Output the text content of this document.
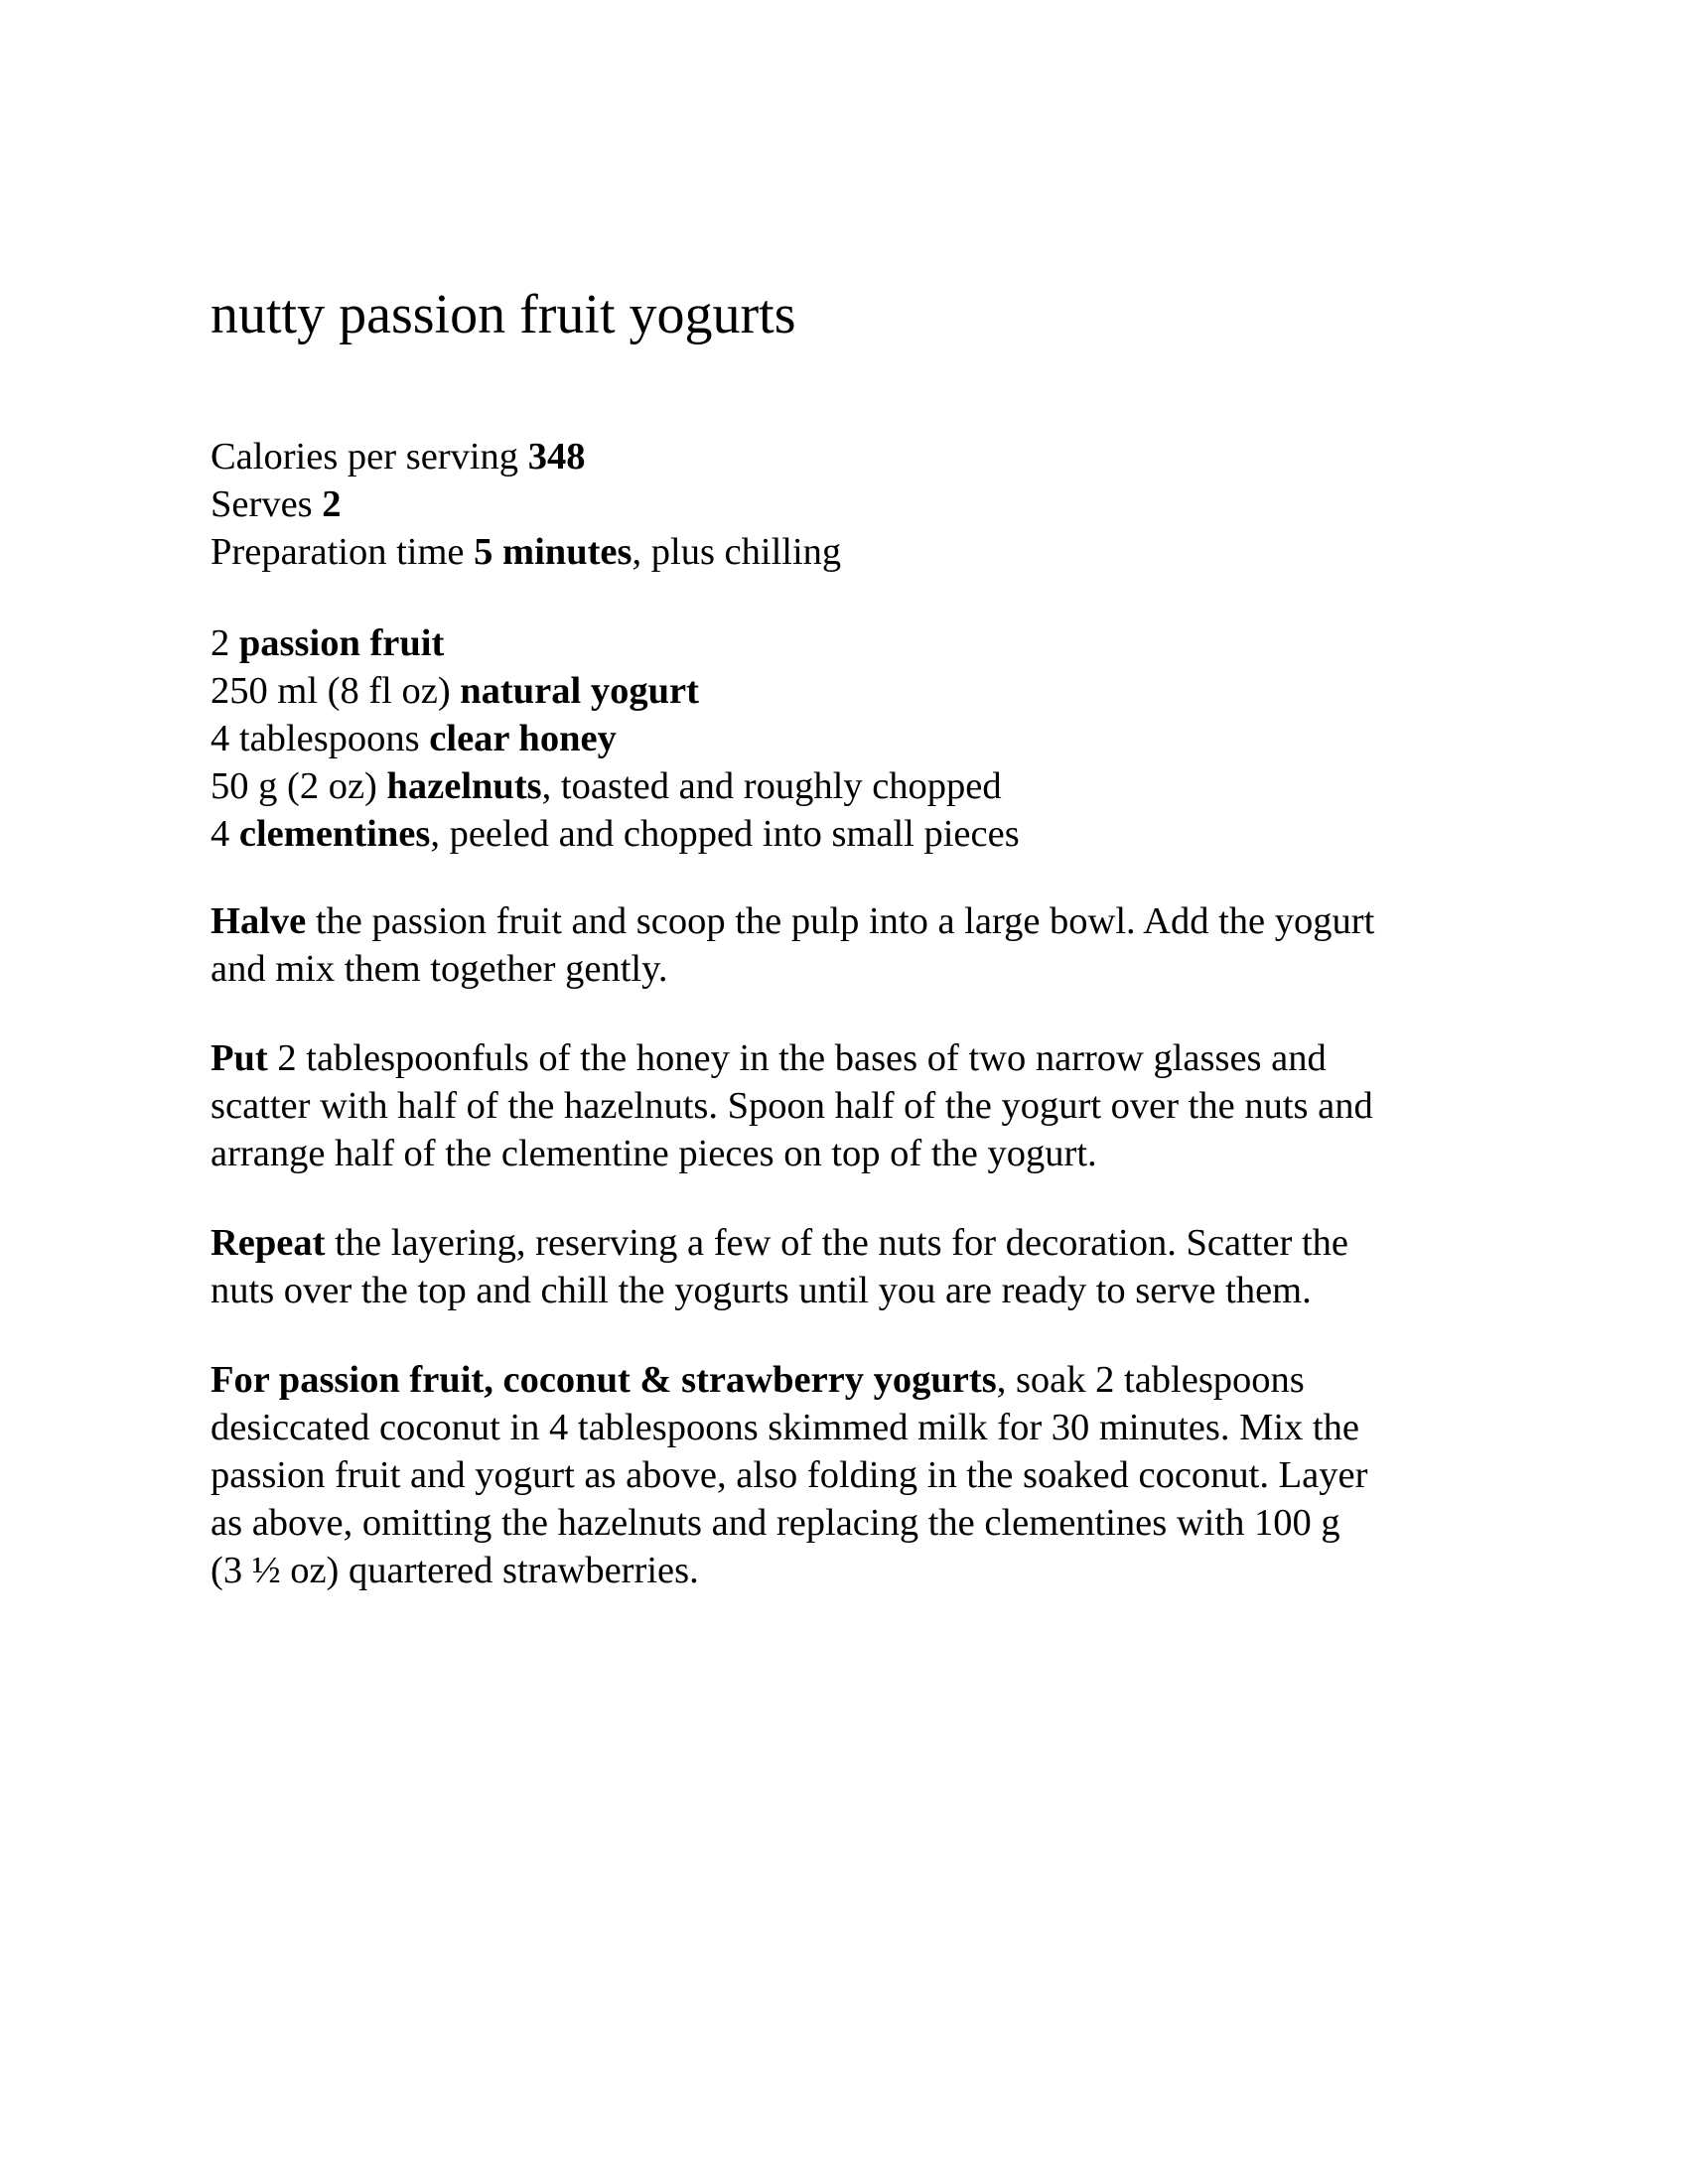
nutty passion fruit yogurts
Calories per serving 348
Serves 2
Preparation time 5 minutes, plus chilling
2 passion fruit
250 ml (8 fl oz) natural yogurt
4 tablespoons clear honey
50 g (2 oz) hazelnuts, toasted and roughly chopped
4 clementines, peeled and chopped into small pieces

Halve the passion fruit and scoop the pulp into a large bowl. Add the yogurt
and mix them together gently.

Put 2 tablespoonfuls of the honey in the bases of two narrow glasses and
scatter with half of the hazelnuts. Spoon half of the yogurt over the nuts and
arrange half of the clementine pieces on top of the yogurt.

Repeat the layering, reserving a few of the nuts for decoration. Scatter the
nuts over the top and chill the yogurts until you are ready to serve them.

For passion fruit, coconut & strawberry yogurts, soak 2 tablespoons
desiccated coconut in 4 tablespoons skimmed milk for 30 minutes. Mix the
passion fruit and yogurt as above, also folding in the soaked coconut. Layer
as above, omitting the hazelnuts and replacing the clementines with 100 g
(3 ½ oz) quartered strawberries.
